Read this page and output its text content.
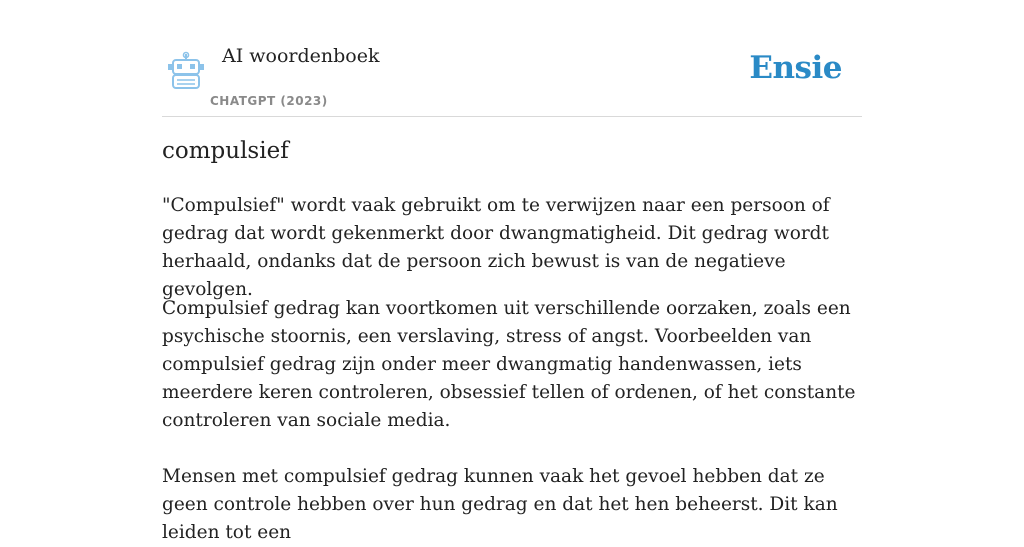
AI woordenboek
CHATGPT (2023)
Ensie
compulsief

"Compulsief" wordt vaak gebruikt om te verwijzen naar een persoon of gedrag dat wordt gekenmerkt door dwangmatigheid. Dit gedrag wordt herhaald, ondanks dat de persoon zich bewust is van de negatieve gevolgen.

Compulsief gedrag kan voortkomen uit verschillende oorzaken, zoals een psychische stoornis, een verslaving, stress of angst. Voorbeelden van compulsief gedrag zijn onder meer dwangmatig handenwassen, iets meerdere keren controleren, obsessief tellen of ordenen, of het constante controleren van sociale media.

Mensen met compulsief gedrag kunnen vaak het gevoel hebben dat ze geen controle hebben over hun gedrag en dat het hen beheerst. Dit kan leiden tot een
